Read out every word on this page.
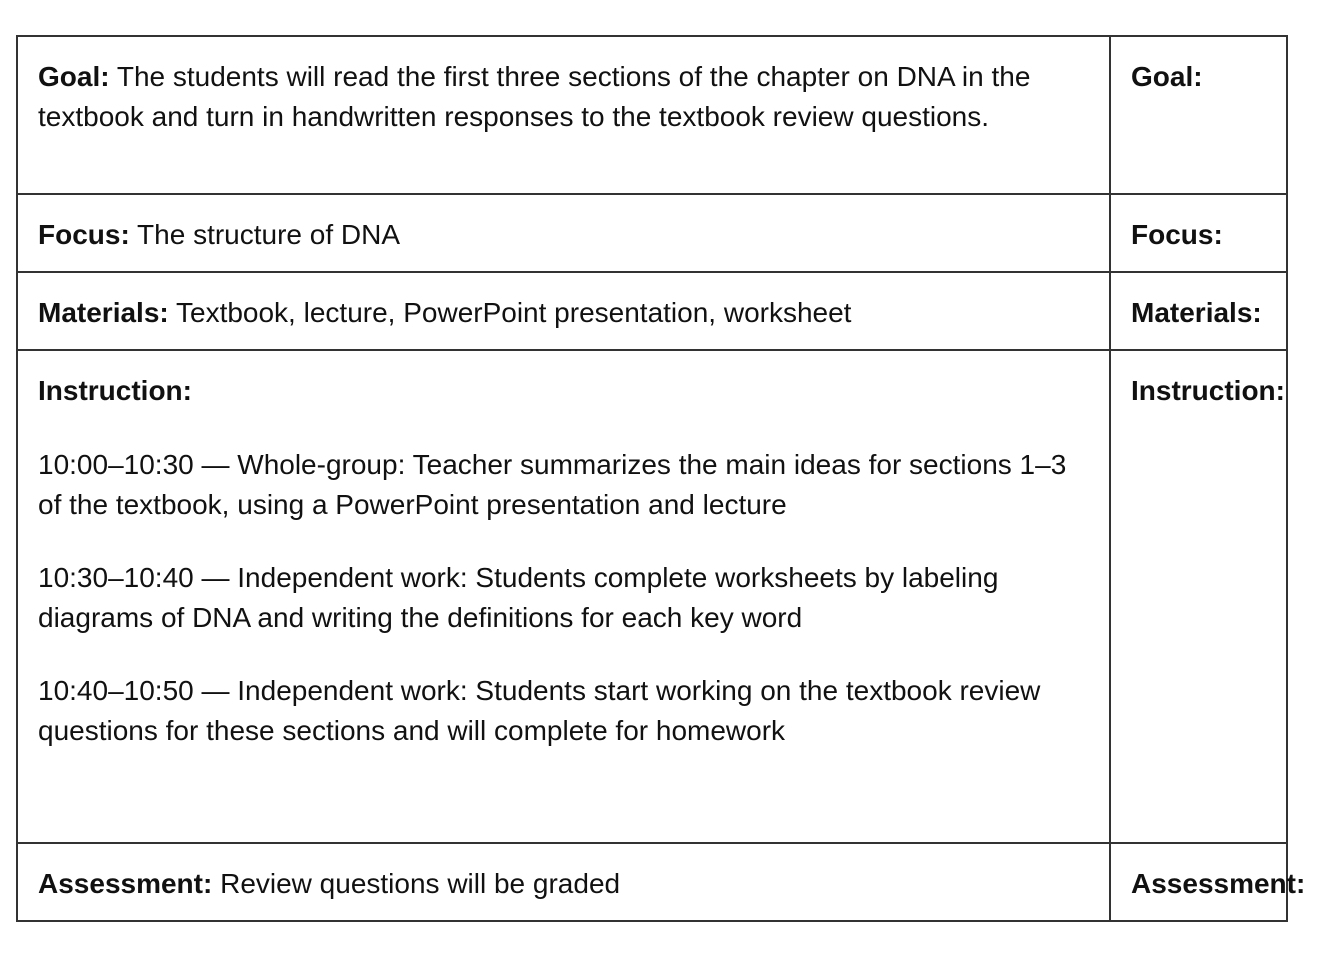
Goal: The students will read the first three sections of the chapter on DNA in the textbook and turn in handwritten responses to the textbook review questions.	Goal:
Focus: The structure of DNA	Focus:
Materials: Textbook, lecture, PowerPoint presentation, worksheet	Materials:

Instruction:

10:00–10:30 — Whole-group: Teacher summarizes the main ideas for sections 1–3 of the textbook, using a PowerPoint presentation and lecture

10:30–10:40 — Independent work: Students complete worksheets by labeling diagrams of DNA and writing the definitions for each key word

10:40–10:50 — Independent work: Students start working on the textbook review questions for these sections and will complete for homework	Instruction:
Assessment: Review questions will be graded	Assessment:
